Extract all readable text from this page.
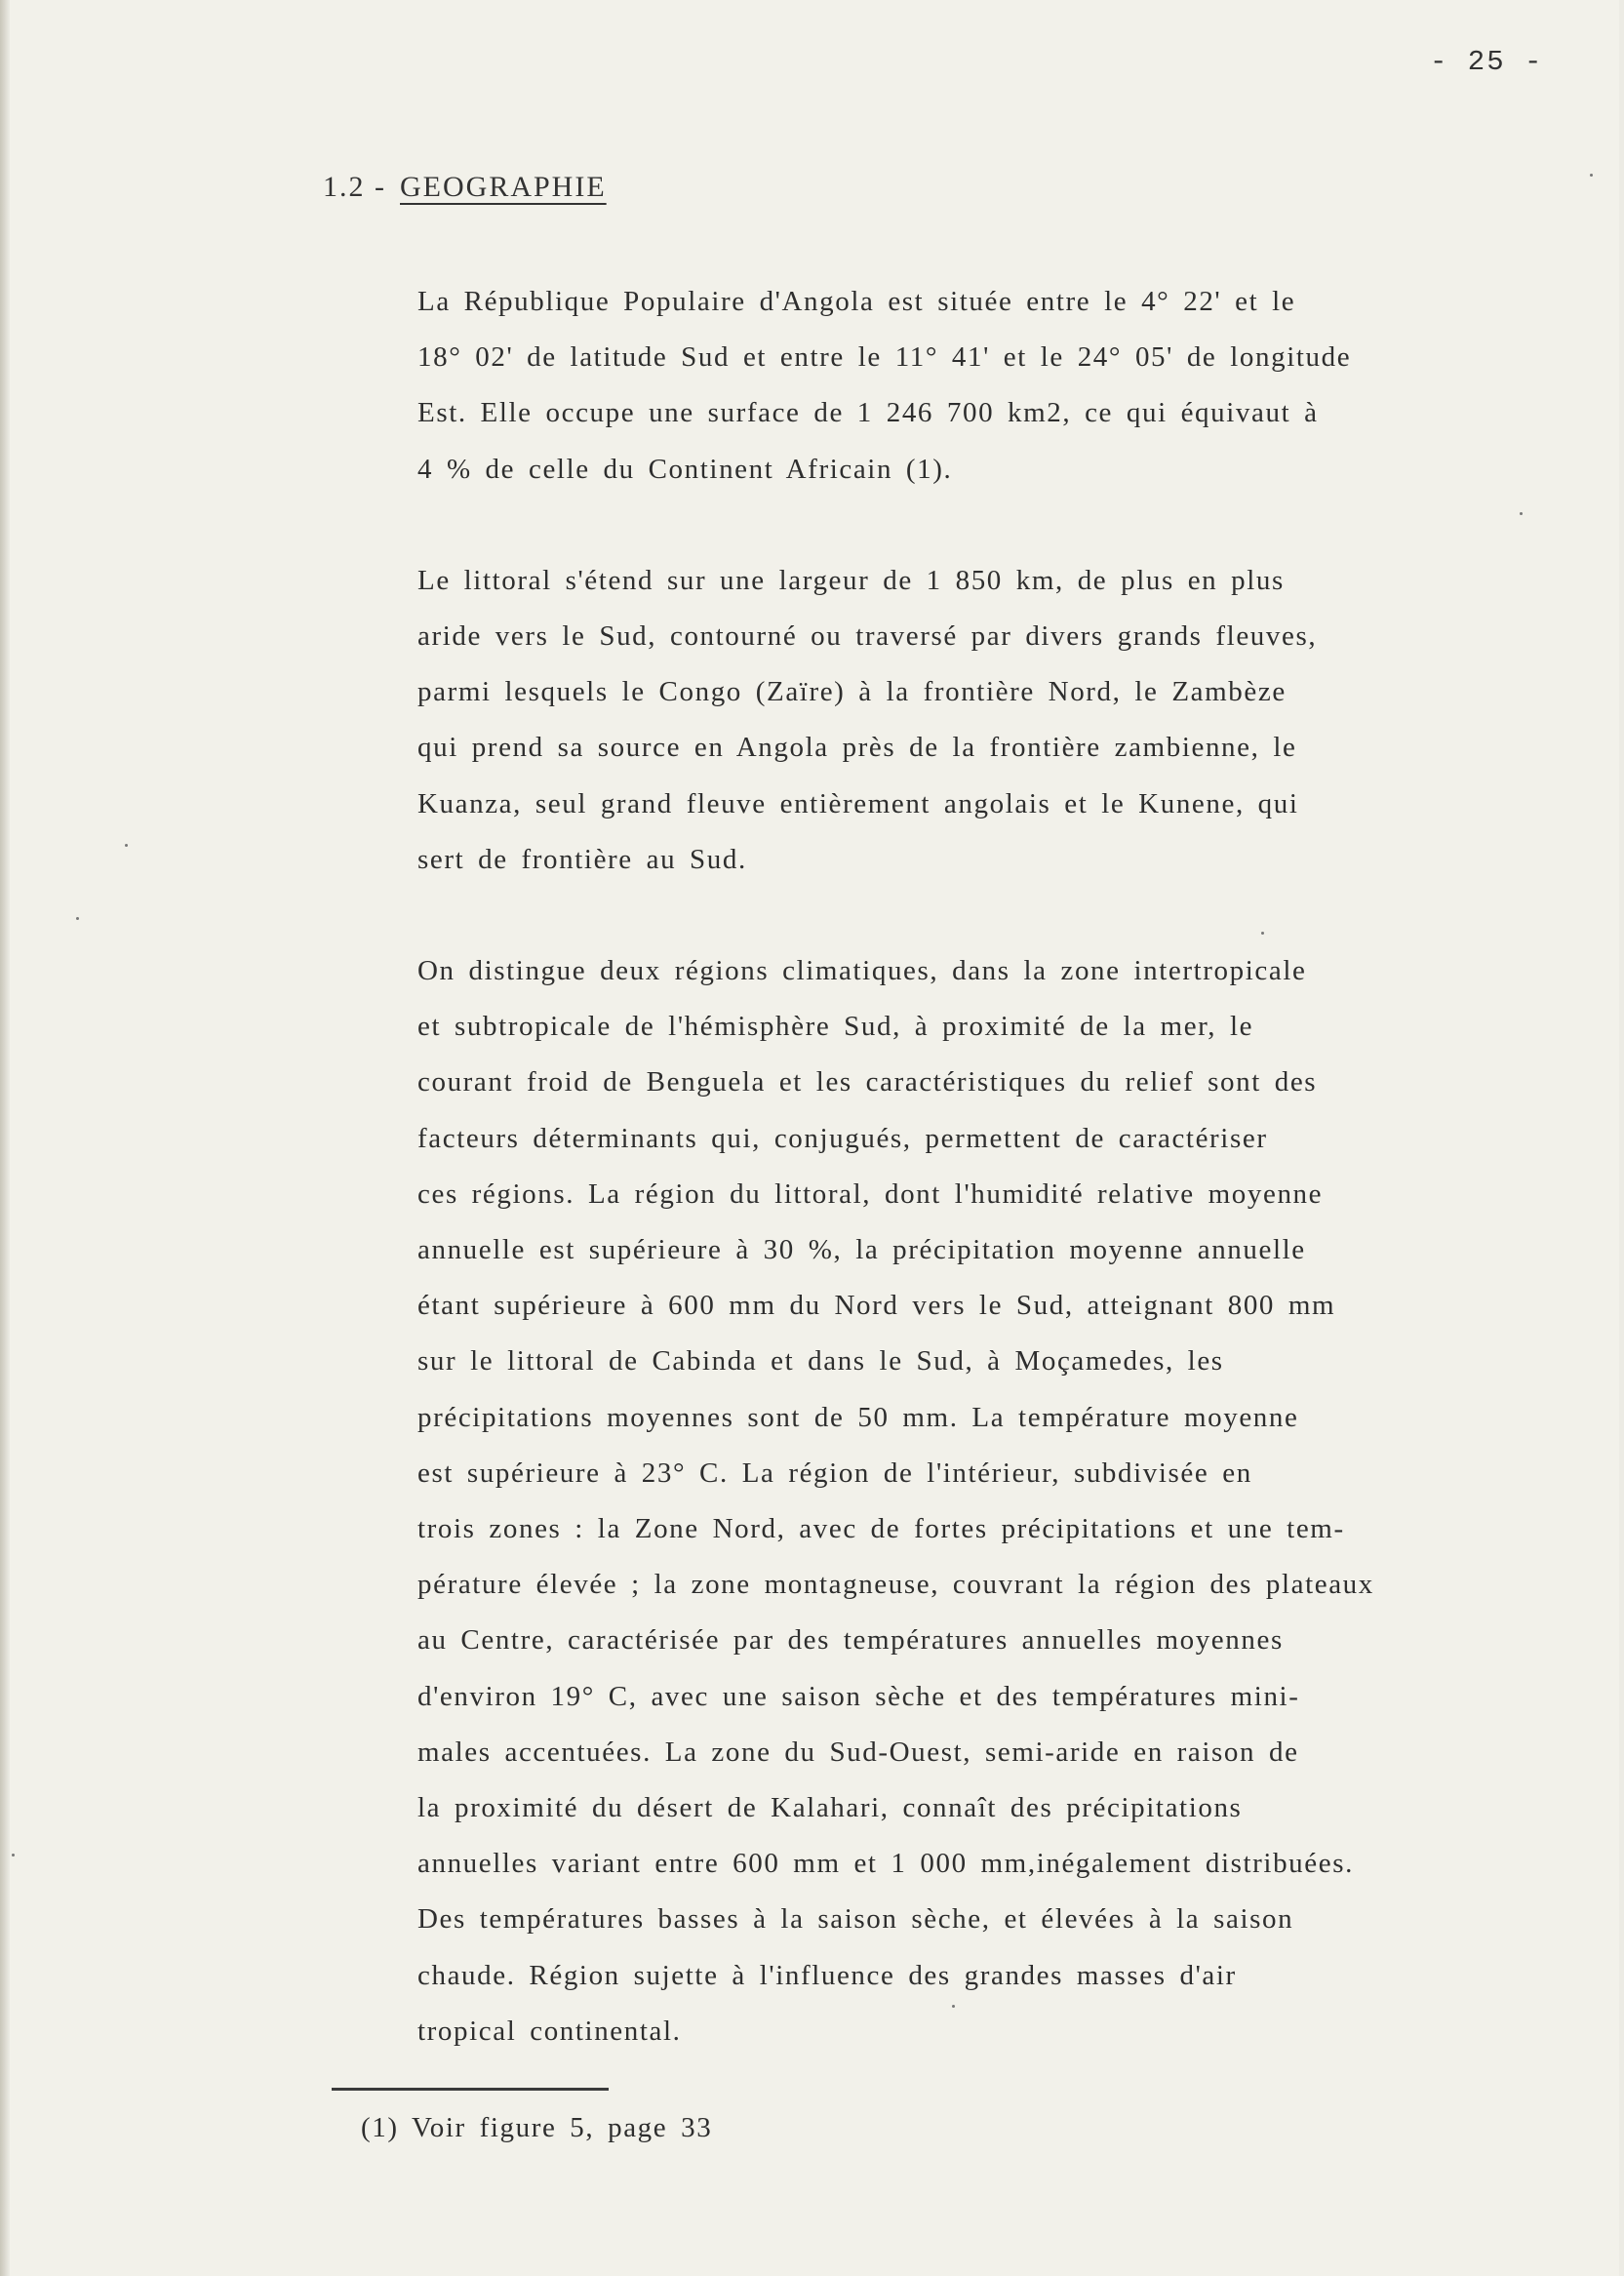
- 25 -
1.2 - GEOGRAPHIE
La République Populaire d'Angola est située entre le 4° 22' et le
18° 02' de latitude Sud et entre le 11° 41' et le 24° 05' de longitude
Est. Elle occupe une surface de 1 246 700 km2, ce qui équivaut à
4 % de celle du Continent Africain (1).
Le littoral s'étend sur une largeur de 1 850 km, de plus en plus
aride vers le Sud, contourné ou traversé par divers grands fleuves,
parmi lesquels le Congo (Zaïre) à la frontière Nord, le Zambèze
qui prend sa source en Angola près de la frontière zambienne, le
Kuanza, seul grand fleuve entièrement angolais et le Kunene, qui
sert de frontière au Sud.
On distingue deux régions climatiques, dans la zone intertropicale
et subtropicale de l'hémisphère Sud, à proximité de la mer, le
courant froid de Benguela et les caractéristiques du relief sont des
facteurs déterminants qui, conjugués, permettent de caractériser
ces régions. La région du littoral, dont l'humidité relative moyenne
annuelle est supérieure à 30 %, la précipitation moyenne annuelle
étant supérieure à 600 mm du Nord vers le Sud, atteignant 800 mm
sur le littoral de Cabinda et dans le Sud, à Moçamedes, les
précipitations moyennes sont de 50 mm. La température moyenne
est supérieure à 23° C. La région de l'intérieur, subdivisée en
trois zones : la Zone Nord, avec de fortes précipitations et une tem-
pérature élevée ; la zone montagneuse, couvrant la région des plateaux
au Centre, caractérisée par des températures annuelles moyennes
d'environ 19° C, avec une saison sèche et des températures mini-
males accentuées. La zone du Sud-Ouest, semi-aride en raison de
la proximité du désert de Kalahari, connaît des précipitations
annuelles variant entre 600 mm et 1 000 mm,inégalement distribuées.
Des températures basses à la saison sèche, et élevées à la saison
chaude. Région sujette à l'influence des grandes masses d'air
tropical continental.
(1) Voir figure 5, page 33
